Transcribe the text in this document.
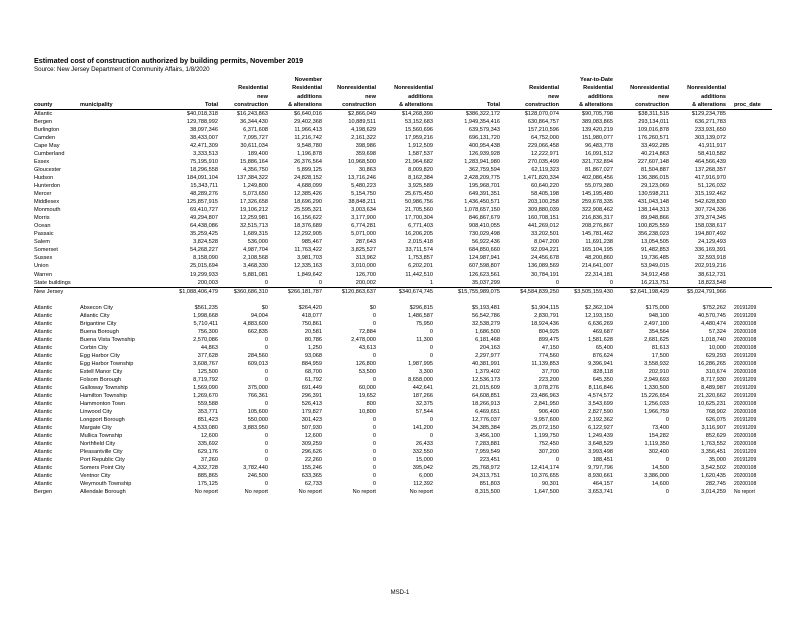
Estimated cost of construction authorized by building permits, November 2019
Source: New Jersey Department of Community Affairs, 1/8/2020
				November					Year-to-Date			
			Residential	Residential	Nonresidential	Nonresidential		Residential	Residential	Nonresidential	Nonresidential	
			new	additions	new	additions		new	additions	new	additions	
county	municipality	Total	construction	& alterations	construction	& alterations	Total	construction	& alterations	construction	& alterations	proc_date
Atlantic		$40,018,318	$16,243,863	$6,640,016	$2,866,049	$14,268,390	$386,322,172	$128,070,074	$90,705,798	$38,311,515	$129,234,785	
Bergen		129,788,992	36,344,430	29,402,368	10,889,511	53,152,683	1,949,354,416	630,864,757	389,083,865	293,134,011	636,271,783	
Burlington		38,097,346	6,371,608	11,966,413	4,198,629	15,560,696	639,579,343	157,210,596	139,420,219	109,016,878	233,931,650	
Camden		38,433,007	7,095,727	11,216,742	2,161,322	17,959,216	696,131,720	64,752,000	151,980,077	176,260,571	303,139,072	
Cape May		42,471,309	30,611,034	9,548,780	398,986	1,912,509	400,954,438	229,066,458	96,483,778	33,492,285	41,911,917	
Cumberland		3,333,513	189,400	1,196,878	359,698	1,587,537	126,939,928	12,222,971	16,091,512	40,214,863	58,410,582	
Essex		75,195,910	15,886,164	26,376,564	10,968,500	21,964,682	1,283,941,980	270,035,499	321,732,894	227,607,148	464,566,439	
Gloucester		18,296,558	4,356,750	5,899,125	30,863	8,009,820	362,759,594	62,119,323	81,867,027	81,504,887	137,268,357	
Hudson		184,091,104	137,384,322	24,828,152	13,716,246	8,162,384	2,428,209,775	1,471,820,334	402,086,456	136,386,015	417,916,970	
Hunterdon		15,343,711	1,249,800	4,688,099	5,480,223	3,925,589	195,968,701	60,640,220	55,079,380	29,123,069	51,126,032	
Mercer		48,289,276	5,073,650	12,385,426	5,154,750	25,675,450	649,391,351	58,405,198	145,195,480	130,598,211	315,192,462	
Middlesex		125,857,915	17,326,658	18,696,290	38,848,211	50,986,756	1,436,450,571	203,100,258	259,678,335	431,043,148	542,628,830	
Monmouth		69,410,727	19,106,212	25,595,321	3,003,634	21,705,560	1,078,657,150	309,880,039	322,908,462	138,144,313	307,724,336	
Morris		49,294,807	12,259,981	16,156,622	3,177,900	17,700,304	846,867,679	160,708,151	216,836,317	89,948,866	379,374,345	
Ocean		64,438,086	32,515,713	18,376,689	6,774,281	6,771,403	908,410,055	441,269,012	208,276,867	100,825,559	158,038,617	
Passaic		35,259,425	1,689,315	12,292,905	5,071,000	16,206,205	730,029,498	33,202,501	145,781,462	356,238,023	194,807,492	
Salem		3,824,528	536,000	985,467	287,643	2,015,418	56,922,436	8,047,200	11,691,238	13,054,505	24,129,493	
Somerset		54,268,227	4,987,704	11,763,422	3,825,527	33,711,574	684,850,660	92,094,221	165,104,195	91,482,853	336,169,391	
Sussex		8,158,090	2,108,568	3,981,703	313,962	1,753,857	124,987,941	24,456,678	48,200,860	19,736,485	32,593,918	
Union		25,015,694	3,468,330	12,335,163	3,010,000	6,202,201	607,598,807	136,089,569	214,641,007	53,949,015	202,919,216	
Warren		19,299,933	5,881,081	1,849,642	126,700	11,442,510	126,623,561	30,784,191	22,314,181	34,912,458	38,612,731	
State buildings		200,003	0	0	200,002	1	35,037,299	0	0	16,213,751	18,823,548	
New Jersey		$1,088,406,479	$360,686,310	$266,181,787	$120,863,637	$340,674,745	$15,755,989,075	$4,584,839,250	$3,505,159,430	$2,641,198,429	$5,024,791,966	

Atlantic	Absecon City	$561,235	$0	$264,420	$0	$296,815	$5,193,481	$1,904,115	$2,362,104	$175,000	$752,262	20191209
Atlantic	Atlantic City	1,998,668	94,004	418,077	0	1,486,587	56,542,786	2,830,791	12,193,150	948,100	40,570,745	20191209
Atlantic	Brigantine City	5,710,411	4,883,600	750,861	0	75,950	32,538,279	18,924,436	6,636,269	2,497,100	4,480,474	20200108
Atlantic	Buena Borough	756,300	662,835	20,581	72,884	0	1,686,500	804,925	469,687	354,564	57,324	20200108
Atlantic	Buena Vista Township	2,570,086	0	80,786	2,478,000	11,300	6,181,468	899,475	1,581,628	2,681,625	1,018,740	20200108
Atlantic	Corbin City	44,863	0	1,250	43,613	0	204,163	47,150	65,400	81,613	10,000	20200108
Atlantic	Egg Harbor City	377,628	284,560	93,068	0	0	2,297,977	774,560	876,624	17,500	629,293	20191209
Atlantic	Egg Harbor Township	3,608,767	609,013	884,959	126,800	1,987,995	40,381,991	11,139,853	9,396,941	3,558,932	16,286,265	20200108
Atlantic	Estell Manor City	125,500	0	68,700	53,500	3,300	1,379,402	37,700	828,118	202,910	310,674	20200108
Atlantic	Folsom Borough	8,719,792	0	61,792	0	8,658,000	12,536,173	223,200	645,350	2,949,693	8,717,930	20191209
Atlantic	Galloway Township	1,569,090	375,000	691,449	60,000	442,641	21,015,609	3,078,276	8,116,846	1,330,500	8,489,987	20191209
Atlantic	Hamilton Township	1,269,670	766,361	296,391	19,652	187,266	64,608,851	23,486,963	4,574,572	15,226,654	21,320,662	20191209
Atlantic	Hammonton Town	559,588	0	526,413	800	32,375	18,266,913	2,841,950	3,543,699	1,256,033	10,625,231	20200108
Atlantic	Linwood City	353,771	105,600	179,827	10,800	57,544	6,469,651	906,400	2,827,590	1,966,759	768,902	20200108
Atlantic	Longport Borough	851,423	550,000	301,423	0	0	12,776,037	9,957,600	2,192,362	0	626,075	20191209
Atlantic	Margate City	4,533,080	3,883,950	507,930	0	141,200	34,385,384	25,072,150	6,122,927	73,400	3,116,907	20191209
Atlantic	Mullica Township	12,600	0	12,600	0	0	3,456,100	1,199,750	1,249,439	154,282	852,629	20200108
Atlantic	Northfield City	335,692	0	309,259	0	26,433	7,283,881	752,450	3,648,529	1,119,350	1,763,552	20200108
Atlantic	Pleasantville City	629,176	0	296,626	0	332,550	7,959,549	307,200	3,993,498	302,400	3,356,451	20191209
Atlantic	Port Republic City	37,260	0	22,260	0	15,000	223,451	0	188,451	0	35,000	20191209
Atlantic	Somers Point City	4,332,728	3,782,440	155,246	0	395,042	25,768,972	12,414,174	9,797,796	14,500	3,542,502	20200108
Atlantic	Ventnor City	885,865	246,500	633,365	0	6,000	24,313,751	10,376,655	8,930,661	3,386,000	1,620,435	20200108
Atlantic	Weymouth Township	175,125	0	62,733	0	112,392	851,803	90,301	464,157	14,600	282,745	20200108
Bergen	Allendale Borough	No report	No report	No report	No report	No report	8,315,500	1,647,500	3,653,741	0	3,014,259	No report
MSD-1
